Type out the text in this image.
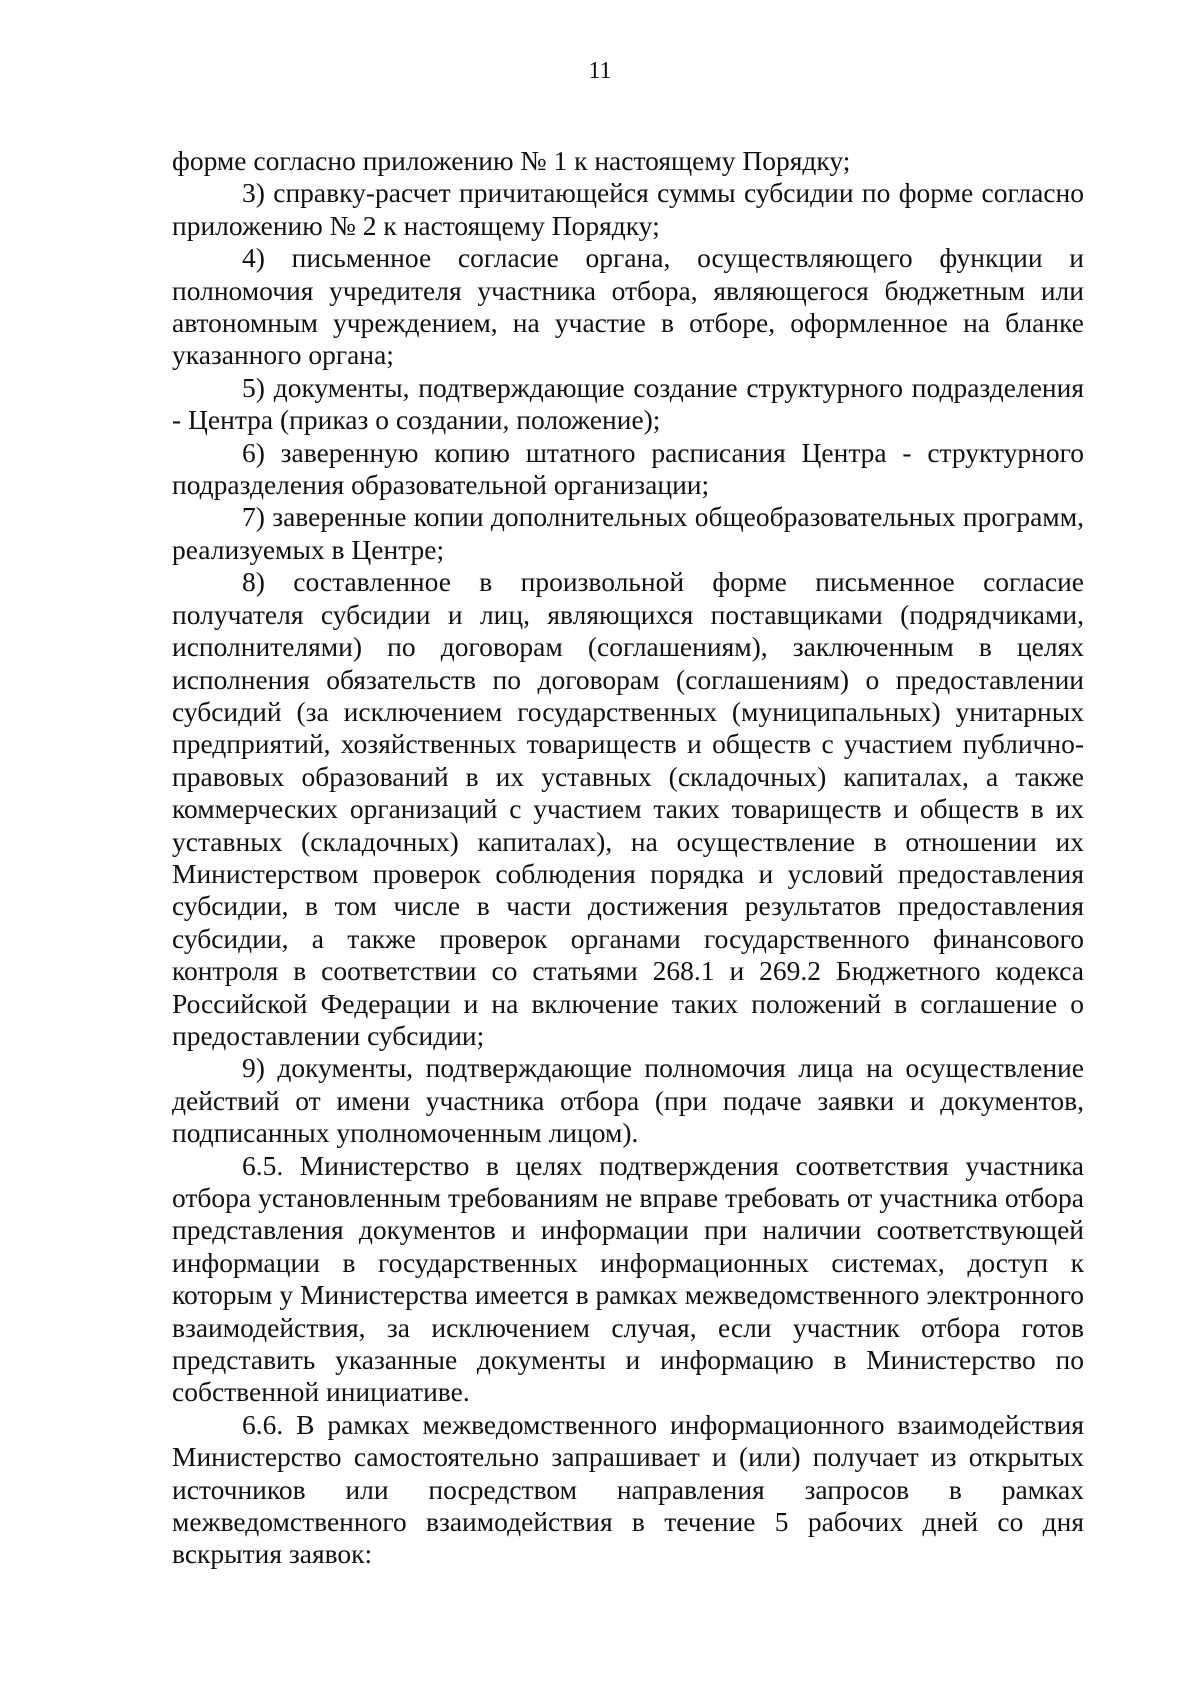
11

форме согласно приложению № 1 к настоящему Порядку;

3) справку-расчет причитающейся суммы субсидии по форме согласно приложению № 2 к настоящему Порядку;

4) письменное согласие органа, осуществляющего функции и полномочия учредителя участника отбора, являющегося бюджетным или автономным учреждением, на участие в отборе, оформленное на бланке указанного органа;

5) документы, подтверждающие создание структурного подразделения - Центра (приказ о создании, положение);

6) заверенную копию штатного расписания Центра - структурного подразделения образовательной организации;

7) заверенные копии дополнительных общеобразовательных программ, реализуемых в Центре;

8) составленное в произвольной форме письменное согласие получателя субсидии и лиц, являющихся поставщиками (подрядчиками, исполнителями) по договорам (соглашениям), заключенным в целях исполнения обязательств по договорам (соглашениям) о предоставлении субсидий (за исключением государственных (муниципальных) унитарных предприятий, хозяйственных товариществ и обществ с участием публично-правовых образований в их уставных (складочных) капиталах, а также коммерческих организаций с участием таких товариществ и обществ в их уставных (складочных) капиталах), на осуществление в отношении их Министерством проверок соблюдения порядка и условий предоставления субсидии, в том числе в части достижения результатов предоставления субсидии, а также проверок органами государственного финансового контроля в соответствии со статьями 268.1 и 269.2 Бюджетного кодекса Российской Федерации и на включение таких положений в соглашение о предоставлении субсидии;

9) документы, подтверждающие полномочия лица на осуществление действий от имени участника отбора (при подаче заявки и документов, подписанных уполномоченным лицом).

6.5. Министерство в целях подтверждения соответствия участника отбора установленным требованиям не вправе требовать от участника отбора представления документов и информации при наличии соответствующей информации в государственных информационных системах, доступ к которым у Министерства имеется в рамках межведомственного электронного взаимодействия, за исключением случая, если участник отбора готов представить указанные документы и информацию в Министерство по собственной инициативе.

6.6. В рамках межведомственного информационного взаимодействия Министерство самостоятельно запрашивает и (или) получает из открытых источников или посредством направления запросов в рамках межведомственного взаимодействия в течение 5 рабочих дней со дня вскрытия заявок:
